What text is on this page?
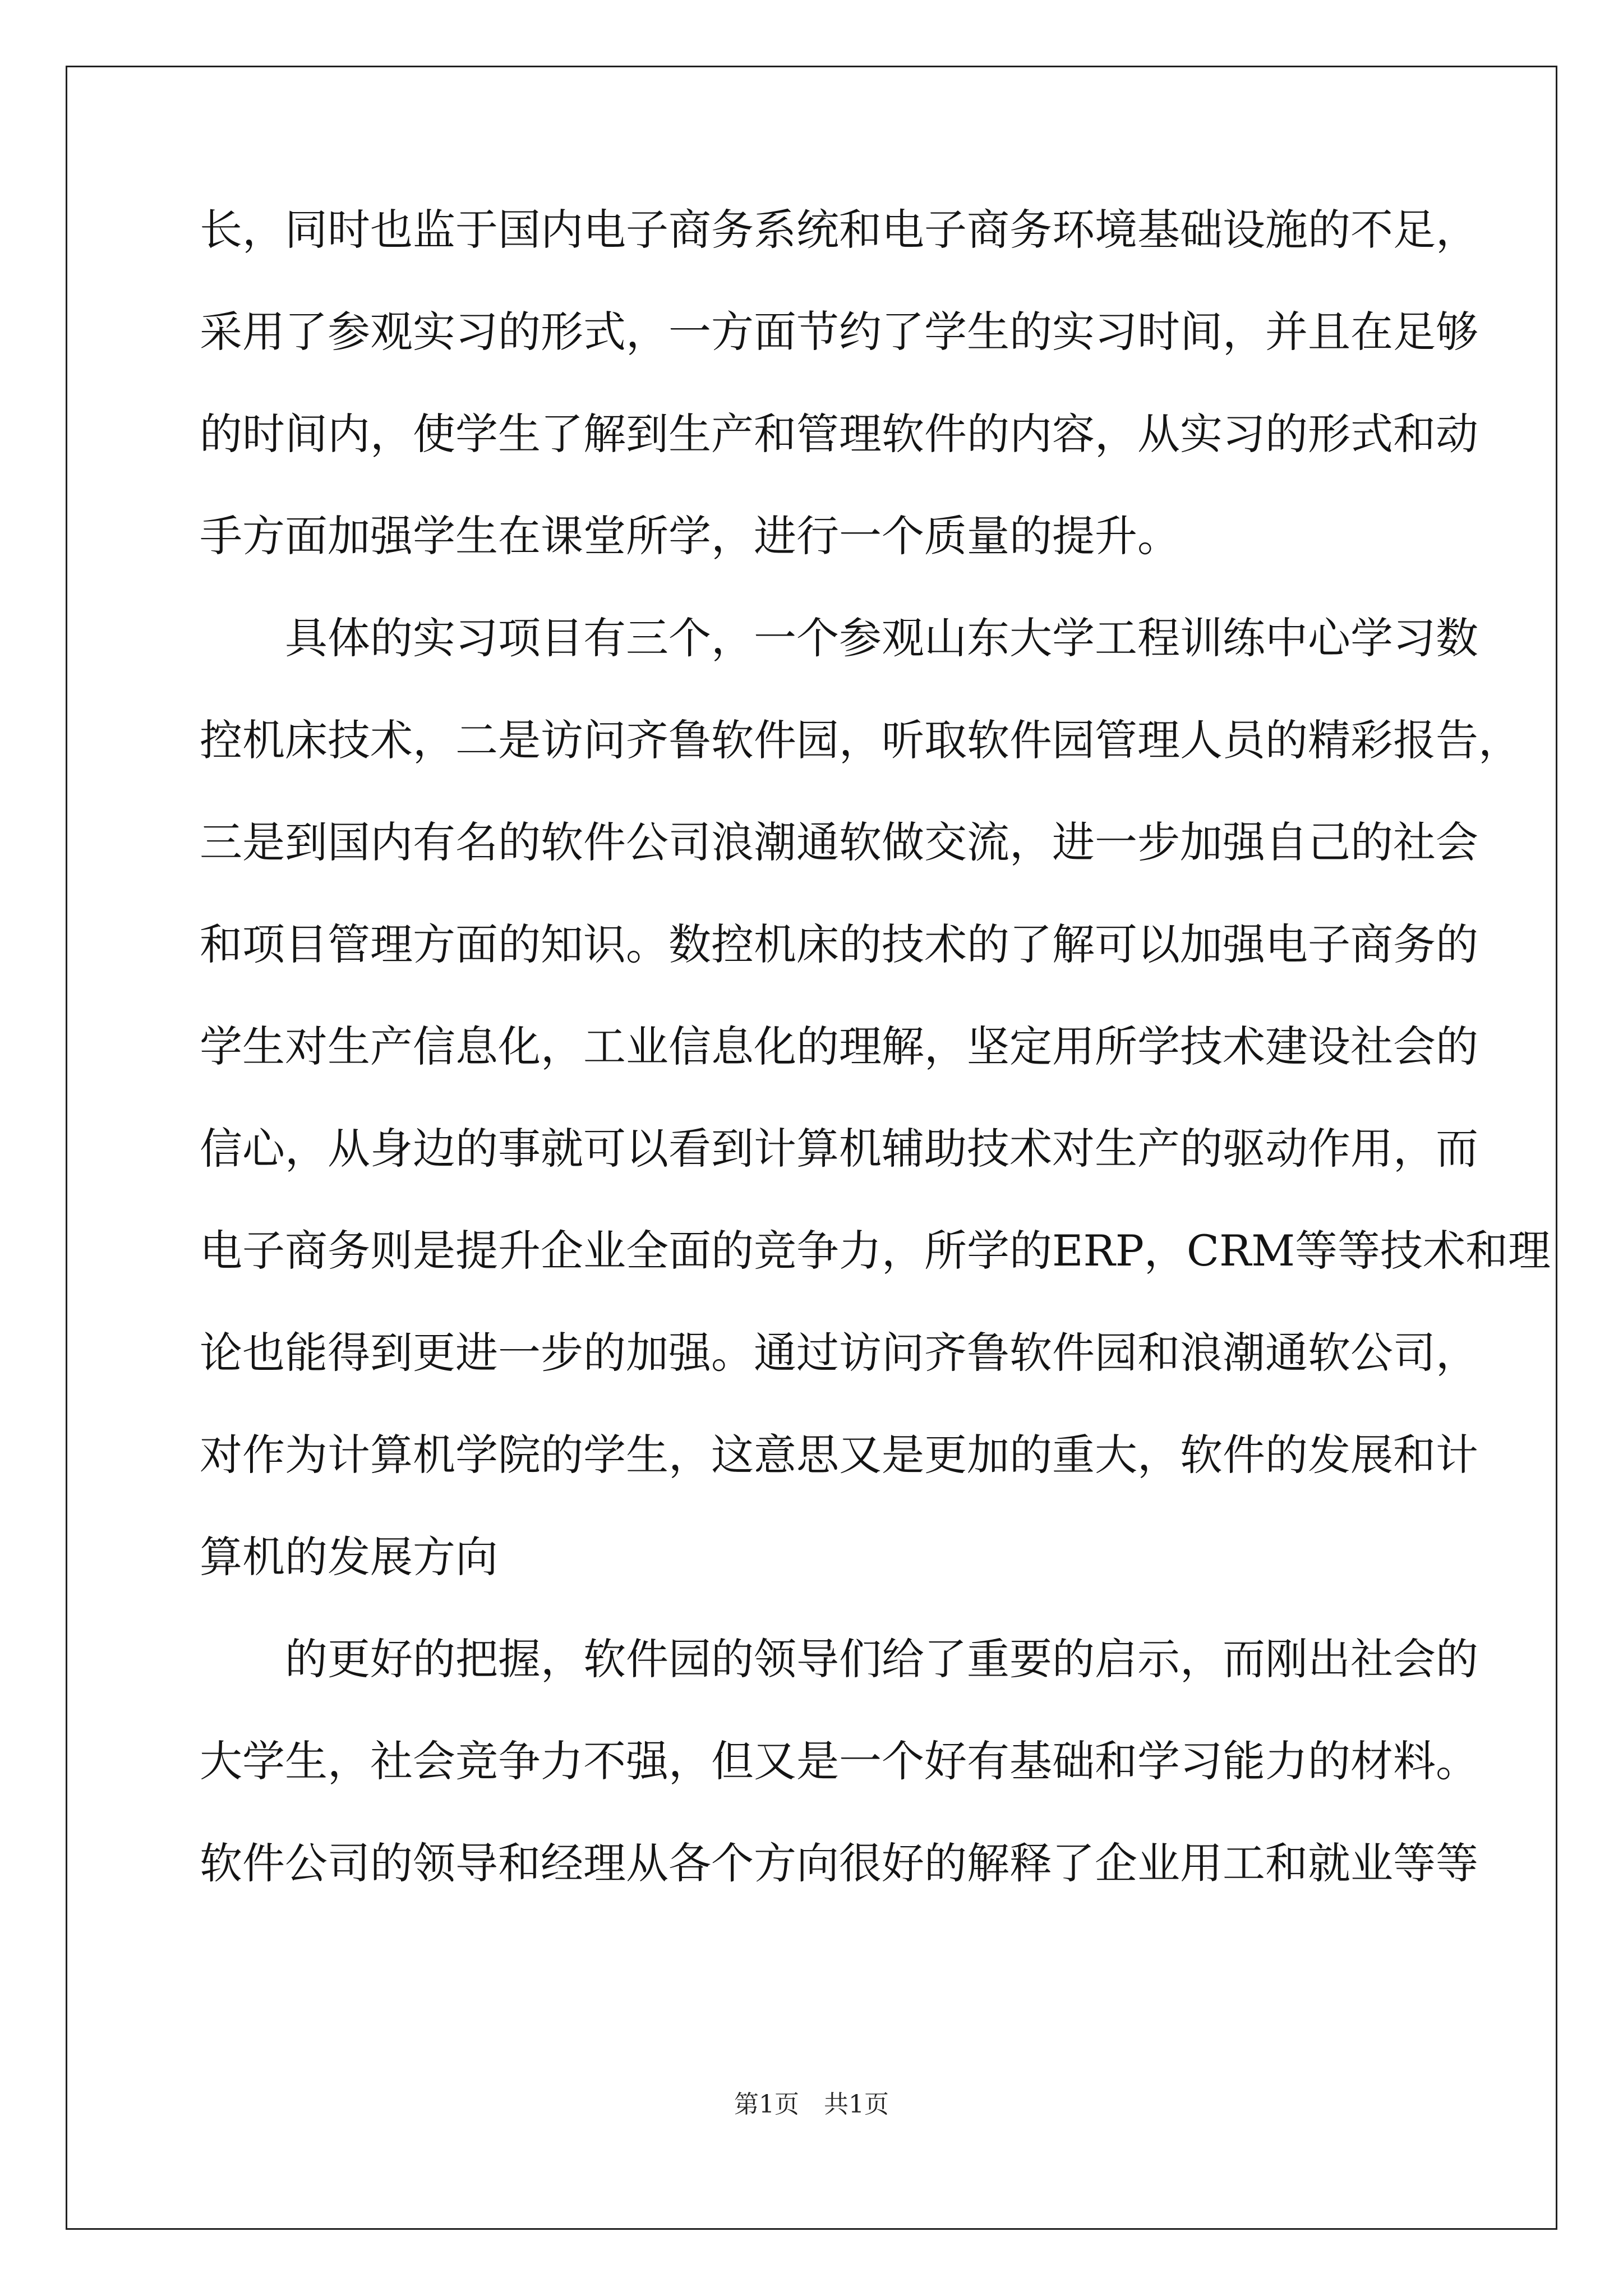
长，同时也监于国内电子商务系统和电子商务环境基础设施的不足，
采用了参观实习的形式，一方面节约了学生的实习时间，并且在足够
的时间内，使学生了解到生产和管理软件的内容，从实习的形式和动
手方面加强学生在课堂所学，进行一个质量的提升。
具体的实习项目有三个，一个参观山东大学工程训练中心学习数
控机床技术，二是访问齐鲁软件园，听取软件园管理人员的精彩报告，
三是到国内有名的软件公司浪潮通软做交流，进一步加强自己的社会
和项目管理方面的知识。数控机床的技术的了解可以加强电子商务的
学生对生产信息化，工业信息化的理解，坚定用所学技术建设社会的
信心，从身边的事就可以看到计算机辅助技术对生产的驱动作用，而
电子商务则是提升企业全面的竞争力，所学的ERP，CRM等等技术和理
论也能得到更进一步的加强。通过访问齐鲁软件园和浪潮通软公司，
对作为计算机学院的学生，这意思又是更加的重大，软件的发展和计
算机的发展方向
的更好的把握，软件园的领导们给了重要的启示，而刚出社会的
大学生，社会竞争力不强，但又是一个好有基础和学习能力的材料。
软件公司的领导和经理从各个方向很好的解释了企业用工和就业等等
第1页　共1页
